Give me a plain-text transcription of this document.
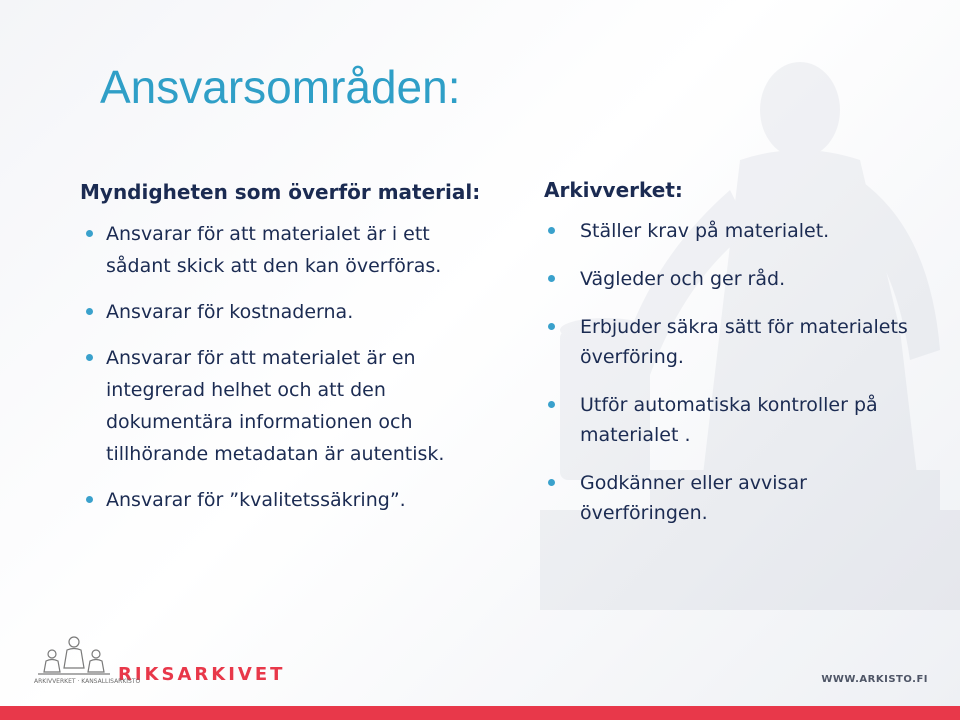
Ansvarsområden:
Myndigheten som överför material:
Ansvarar för att materialet är i ett sådant skick att den kan överföras.
Ansvarar för kostnaderna.
Ansvarar för att materialet är en integrerad helhet och att den dokumentära informationen och tillhörande metadatan är autentisk.
Ansvarar för ”kvalitetssäkring”.
Arkivverket:
Ställer krav på materialet.
Vägleder och ger råd.
Erbjuder säkra sätt för materialets överföring.
Utför automatiska kontroller på materialet .
Godkänner eller avvisar överföringen.
ARKIVVERKET · KANSALLISARKISTO
RIKSARKIVET	WWW.ARKISTO.FI
